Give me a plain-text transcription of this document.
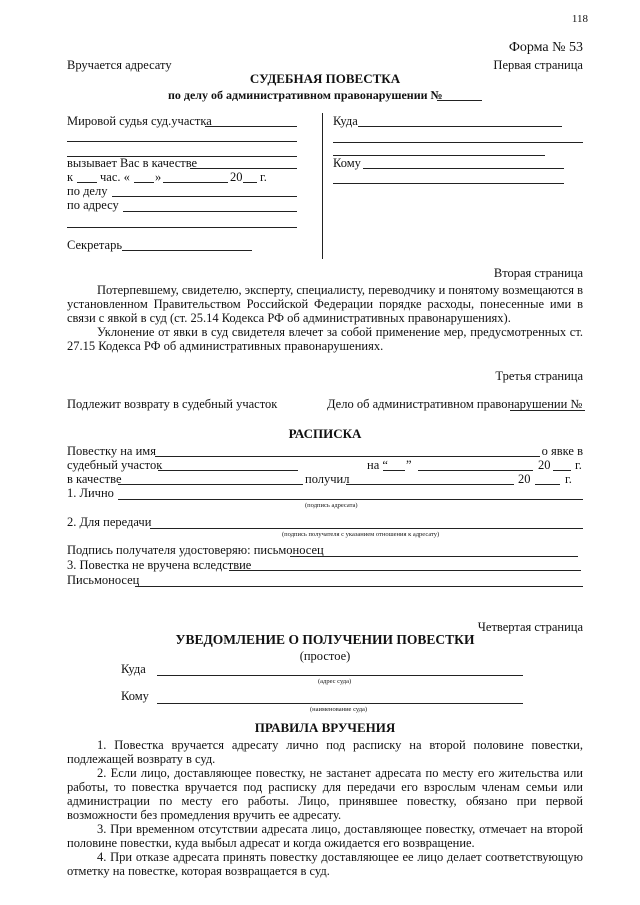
118
Форма № 53
Вручается адресату	Первая страница
СУДЕБНАЯ ПОВЕСТКА
по делу об административном правонарушении №
Мировой судья суд.участка
вызывает Вас в качестве
к час. « »	20 г.
по делу
по адресу
Секретарь
Куда
Кому
Вторая страница

Потерпевшему, свидетелю, эксперту, специалисту, переводчику и понятому возмещаются в установленном Правительством Российской Федерации порядке расходы, понесенные ими в связи с явкой в суд (ст. 25.14 Кодекса РФ об административных правонарушениях).

Уклонение от явки в суд свидетеля влечет за собой применение мер, предусмотренных ст. 27.15 Кодекса РФ об административных правонарушениях.

Третья страница
Подлежит возврату в судебный участок	Дело об административном правонарушении №
РАСПИСКА
Повестку на имя	о явке в
судебный участок	на “ ”	20 г.
в качестве	получил	20	г.
1. Лично
(подпись адресата)
2. Для передачи
(подпись получателя с указанием отношения к адресату)
Подпись получателя удостоверяю: письмоносец
3. Повестка не вручена вследствие
Письмоносец
Четвертая страница
УВЕДОМЛЕНИЕ О ПОЛУЧЕНИИ ПОВЕСТКИ
(простое)
Куда
(адрес суда)
Кому
(наименование суда)
ПРАВИЛА ВРУЧЕНИЯ

1. Повестка вручается адресату лично под расписку на второй половине повестки, подлежащей возврату в суд.

2. Если лицо, доставляющее повестку, не застанет адресата по месту его жительства или работы, то повестка вручается под расписку для передачи его взрослым членам семьи или администрации по месту его работы. Лицо, принявшее повестку, обязано при первой возможности без промедления вручить ее адресату.

3. При временном отсутствии адресата лицо, доставляющее повестку, отмечает на второй половине повестки, куда выбыл адресат и когда ожидается его возвращение.

4. При отказе адресата принять повестку доставляющее ее лицо делает соответствующую отметку на повестке, которая возвращается в суд.
